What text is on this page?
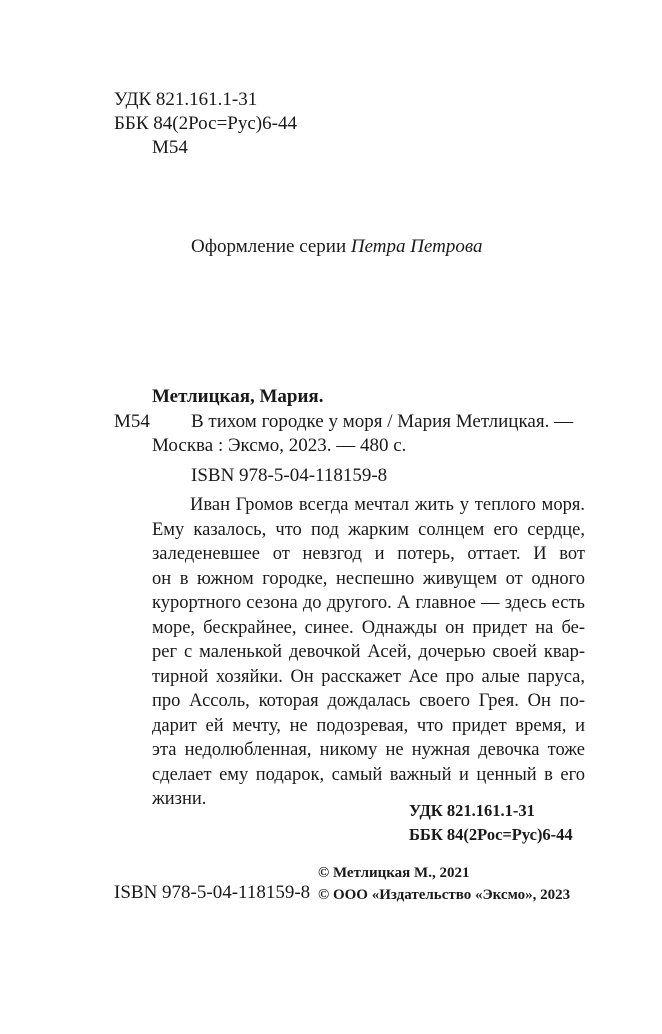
УДК 821.161.1-31
ББК 84(2Рос=Рус)6-44
М54
Оформление серии Петра Петрова
Метлицкая, Мария.
М54 В тихом городке у моря / Мария Метлицкая. —
Москва : Эксмо, 2023. — 480 с.
ISBN 978-5-04-118159-8
Иван Громов всегда мечтал жить у теплого моря.
Ему казалось, что под жарким солнцем его сердце,
заледеневшее от невзгод и потерь, оттает. И вот
он в южном городке, неспешно живущем от одного
курортного сезона до другого. А главное — здесь есть
море, бескрайнее, синее. Однажды он придет на бе-
рег с маленькой девочкой Асей, дочерью своей квар-
тирной хозяйки. Он расскажет Асе про алые паруса,
про Ассоль, которая дождалась своего Грея. Он по-
дарит ей мечту, не подозревая, что придет время, и
эта недолюбленная, никому не нужная девочка тоже
сделает ему подарок, самый важный и ценный в его
жизни.
УДК 821.161.1-31
ББК 84(2Рос=Рус)6-44
© Метлицкая М., 2021
ISBN 978-5-04-118159-8 © ООО «Издательство «Эксмо», 2023
